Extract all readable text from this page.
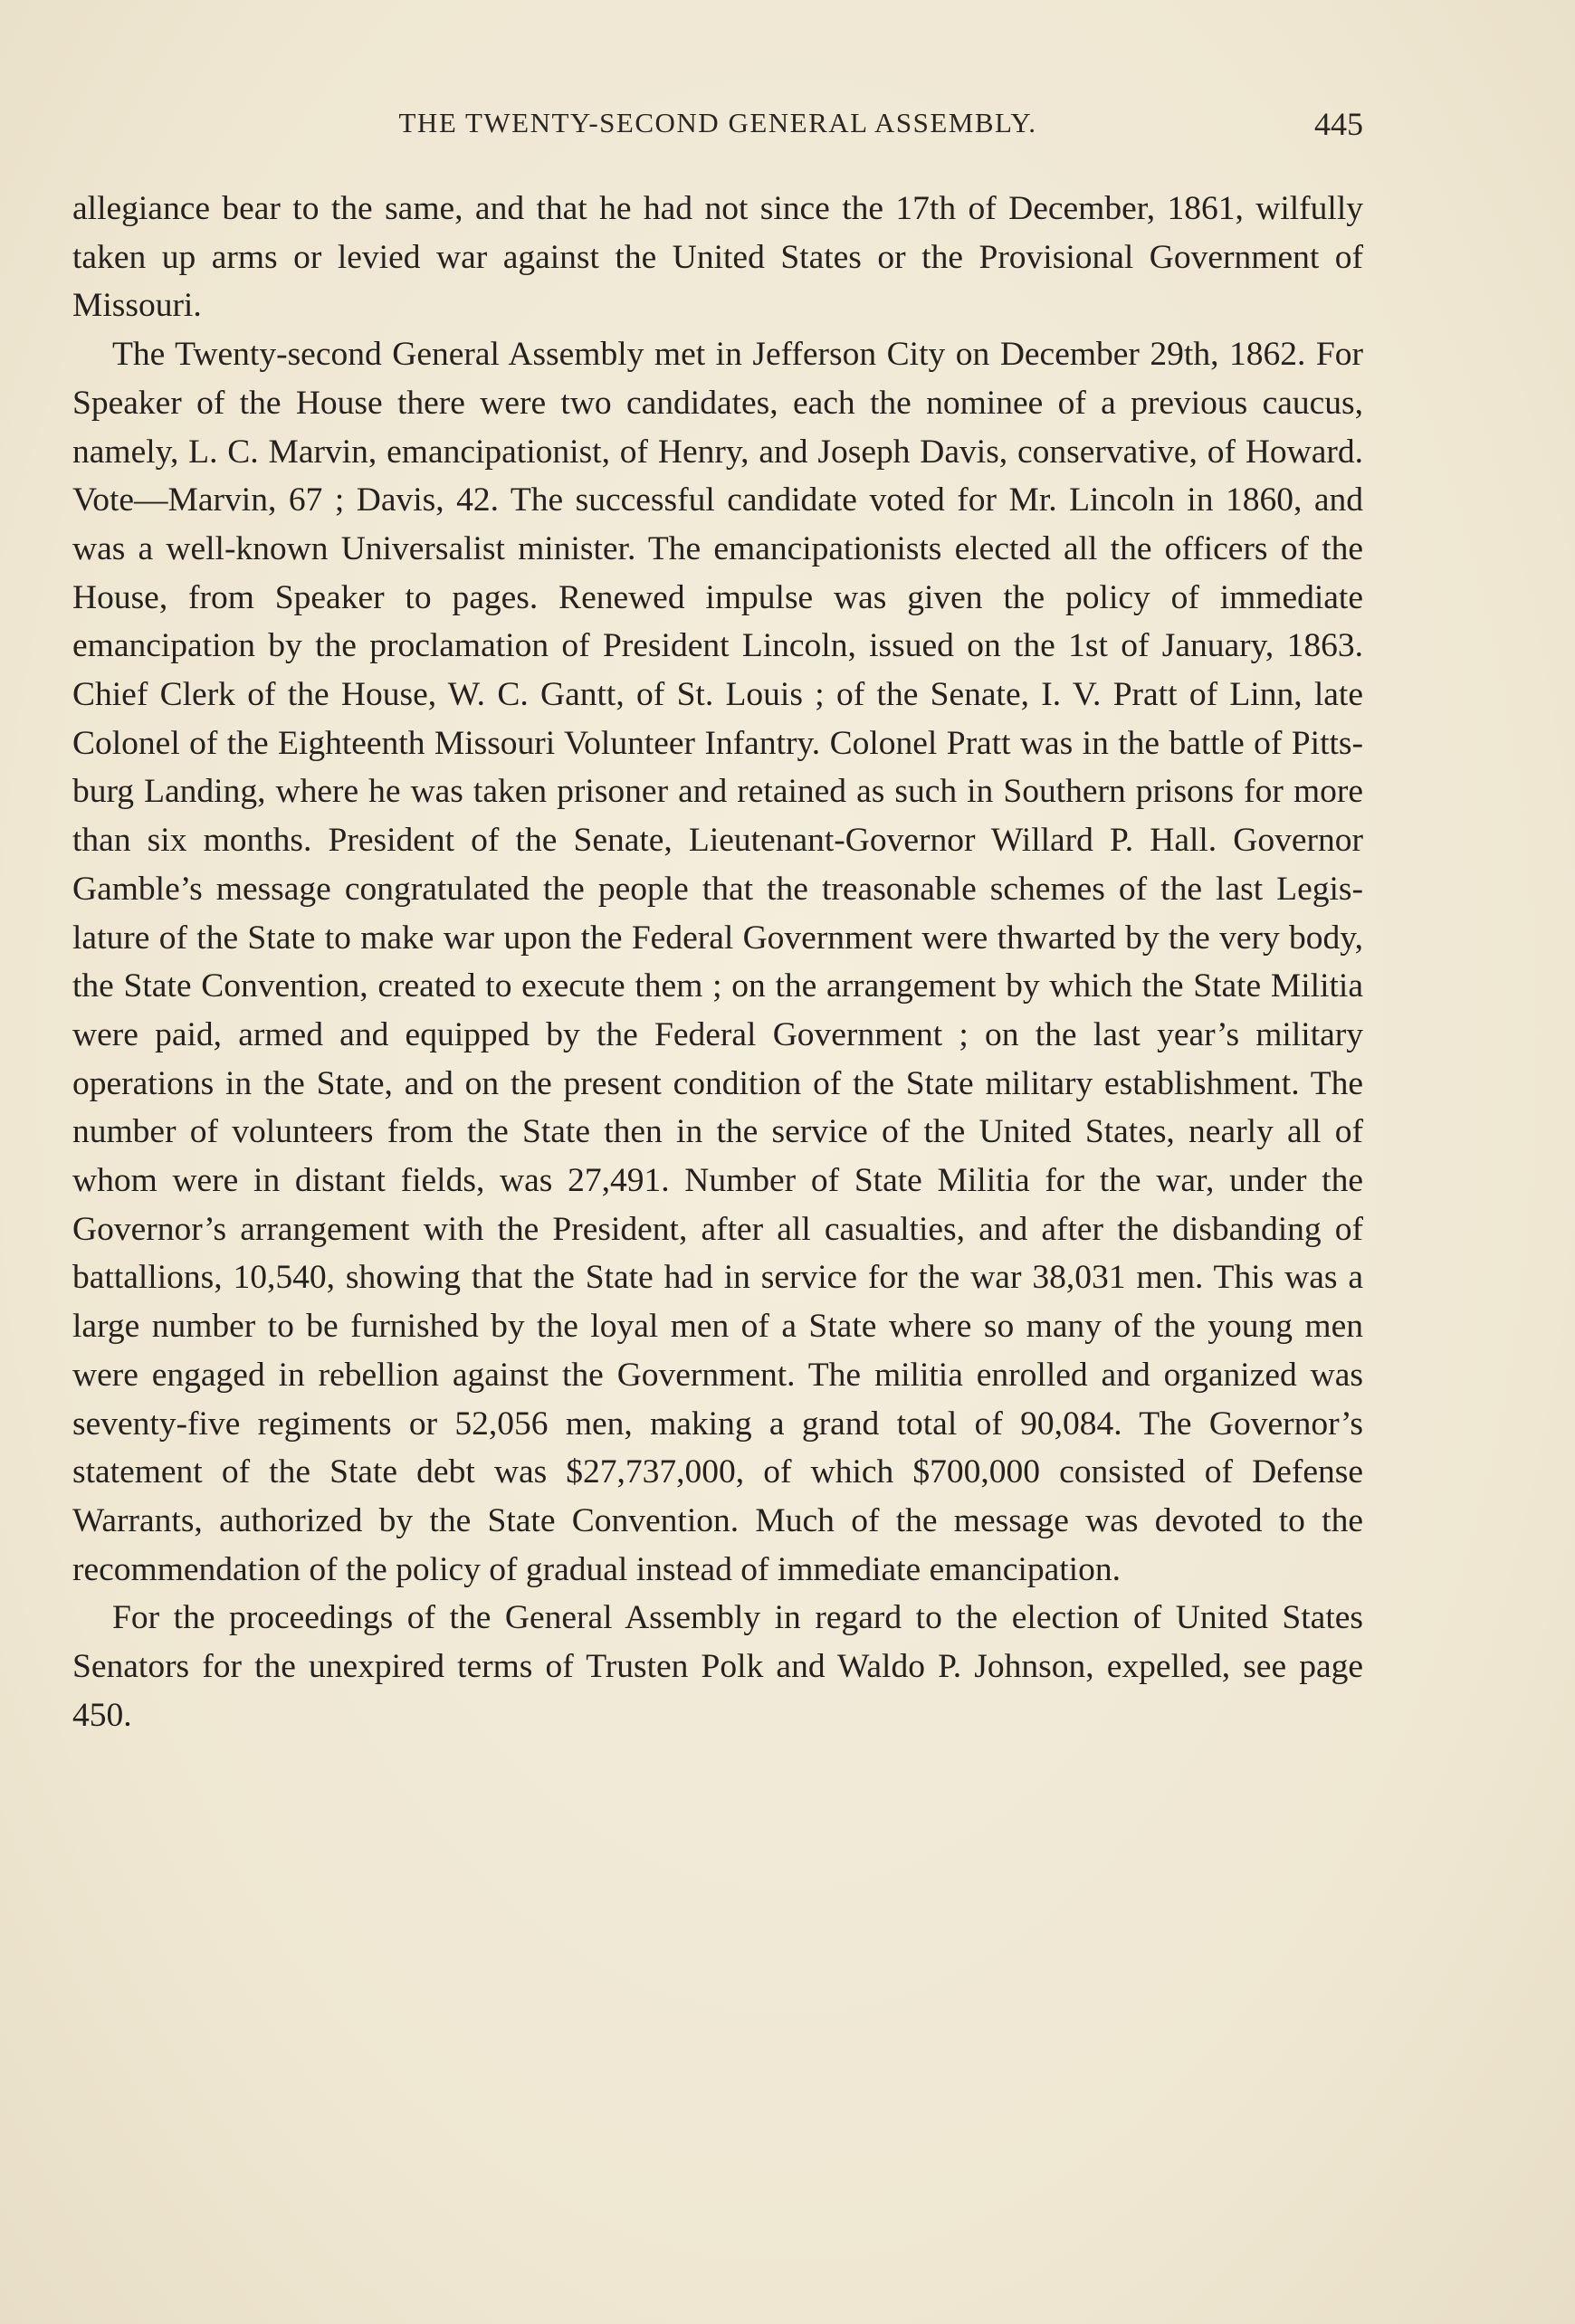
THE TWENTY-SECOND GENERAL ASSEMBLY.	445

allegiance bear to the same, and that he had not since the 17th of December, 1861, wilfully taken up arms or levied war against the United States or the Provisional Government of Missouri.

The Twenty-second General Assembly met in Jefferson City on December 29th, 1862. For Speaker of the House there were two candidates, each the nominee of a previous caucus, namely, L. C. Marvin, emancipationist, of Henry, and Joseph Davis, conservative, of Howard. Vote—Marvin, 67 ; Davis, 42. The successful candidate voted for Mr. Lincoln in 1860, and was a well-known Universalist minister. The emancipationists elected all the officers of the House, from Speaker to pages. Renewed impulse was given the policy of immediate emancipation by the proclamation of President Lincoln, issued on the 1st of January, 1863. Chief Clerk of the House, W. C. Gantt, of St. Louis ; of the Senate, I. V. Pratt of Linn, late Colonel of the Eighteenth Missouri Volunteer Infantry. Colonel Pratt was in the battle of Pittsburg Landing, where he was taken prisoner and retained as such in Southern prisons for more than six months. President of the Senate, Lieutenant-Governor Willard P. Hall. Governor Gamble’s message congratulated the people that the treasonable schemes of the last Legislature of the State to make war upon the Federal Government were thwarted by the very body, the State Convention, created to execute them ; on the arrangement by which the State Militia were paid, armed and equipped by the Federal Government ; on the last year’s military operations in the State, and on the present condition of the State military establishment. The number of volunteers from the State then in the service of the United States, nearly all of whom were in distant fields, was 27,491. Number of State Militia for the war, under the Governor’s arrangement with the President, after all casualties, and after the disbanding of battallions, 10,540, showing that the State had in service for the war 38,031 men. This was a large number to be furnished by the loyal men of a State where so many of the young men were engaged in rebellion against the Government. The militia enrolled and organized was seventy-five regiments or 52,056 men, making a grand total of 90,084. The Governor’s statement of the State debt was $27,737,000, of which $700,000 consisted of Defense Warrants, authorized by the State Convention. Much of the message was devoted to the recommendation of the policy of gradual instead of immediate emancipation.

For the proceedings of the General Assembly in regard to the election of United States Senators for the unexpired terms of Trusten Polk and Waldo P. Johnson, expelled, see page 450.
